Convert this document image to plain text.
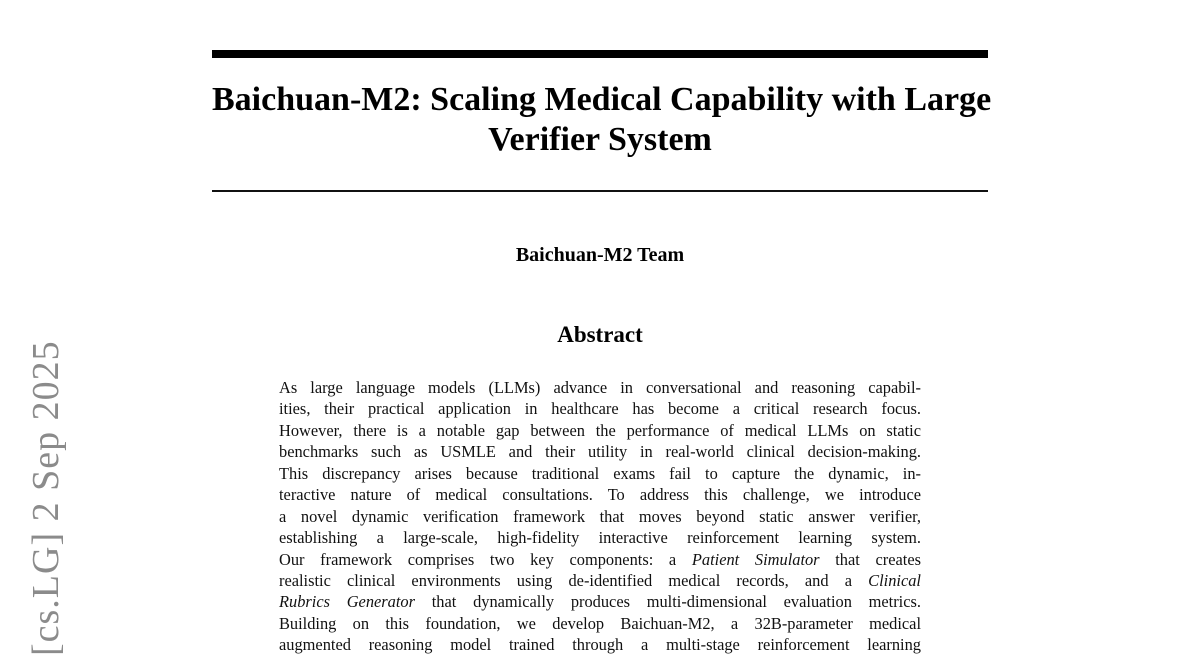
[cs.LG] 2 Sep 2025
Baichuan-M2: Scaling Medical Capability with Large
Verifier System
Baichuan-M2 Team
Abstract
As large language models (LLMs) advance in conversational and reasoning capabil-
ities, their practical application in healthcare has become a critical research focus.
However, there is a notable gap between the performance of medical LLMs on static
benchmarks such as USMLE and their utility in real-world clinical decision-making.
This discrepancy arises because traditional exams fail to capture the dynamic, in-
teractive nature of medical consultations. To address this challenge, we introduce
a novel dynamic verification framework that moves beyond static answer verifier,
establishing a large-scale, high-fidelity interactive reinforcement learning system.
Our framework comprises two key components: a Patient Simulator that creates
realistic clinical environments using de-identified medical records, and a Clinical
Rubrics Generator that dynamically produces multi-dimensional evaluation metrics.
Building on this foundation, we develop Baichuan-M2, a 32B-parameter medical
augmented reasoning model trained through a multi-stage reinforcement learning
